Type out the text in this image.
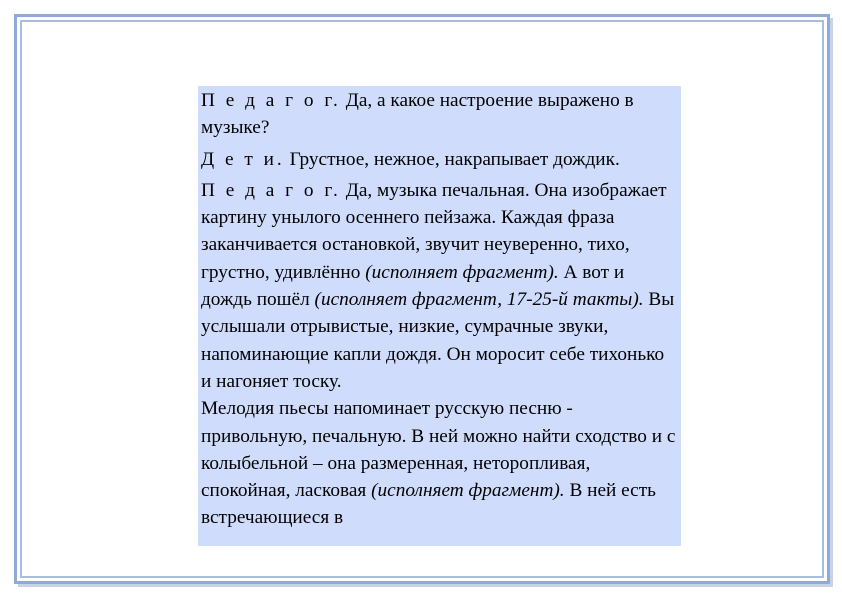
П е д а г о г. Да, а какое настроение выражено в музыке?

Д е т и. Грустное, нежное, накрапывает дождик.

П е д а г о г. Да, музыка печальная. Она изображает картину унылого осеннего пейзажа. Каждая фраза заканчивается остановкой, звучит неуверенно, тихо, грустно, удивлённо (исполняет фрагмент). А вот и дождь пошёл (исполняет фрагмент, 17-25-й такты). Вы услышали отрывистые, низкие, сумрачные звуки, напоминающие капли дождя. Он моросит себе тихонько и нагоняет тоску.

Мелодия пьесы напоминает русскую песню - привольную, печальную. В ней можно найти сходство и с колыбельной – она размеренная, неторопливая, спокойная, ласковая (исполняет фрагмент). В ней есть встречающиеся в
